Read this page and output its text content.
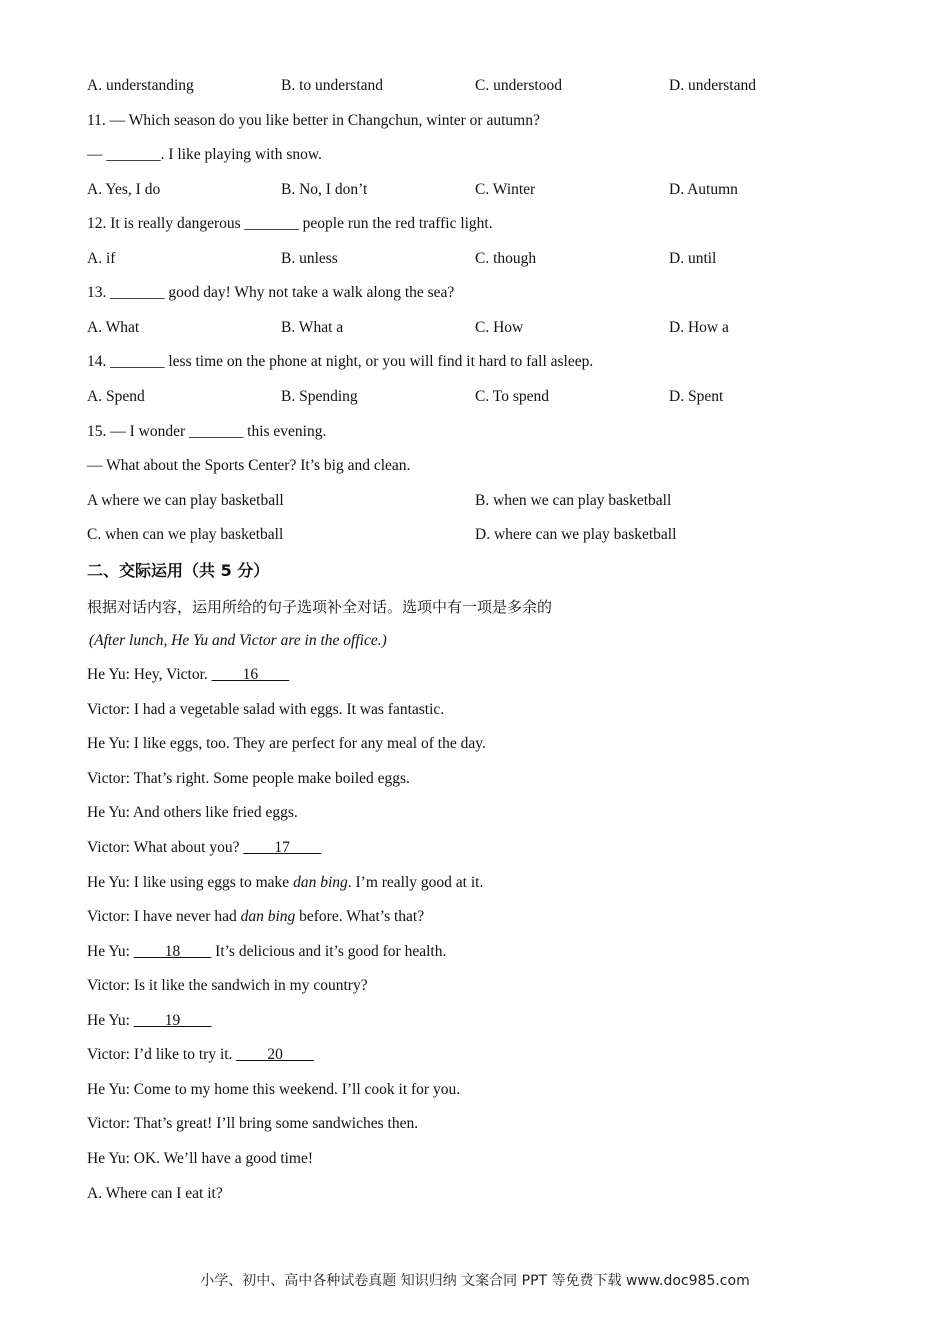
A. understanding	B. to understand	C. understood	D. understand
11. — Which season do you like better in Changchun, winter or autumn?
— _______. I like playing with snow.
A. Yes, I do	B. No, I don’t	C. Winter	D. Autumn
12. It is really dangerous _______ people run the red traffic light.
A. if	B. unless	C. though	D. until
13. _______ good day! Why not take a walk along the sea?
A. What	B. What a	C. How	D. How a
14. _______ less time on the phone at night, or you will find it hard to fall asleep.
A. Spend	B. Spending	C. To spend	D. Spent
15. — I wonder _______ this evening.
— What about the Sports Center? It’s big and clean.
A where we can play basketball	B. when we can play basketball
C. when can we play basketball	D. where can we play basketball
二、交际运用（共 5 分）
根据对话内容，运用所给的句子选项补全对话。选项中有一项是多余的
(After lunch, He Yu and Victor are in the office.)
He Yu: Hey, Victor. ____16____
Victor: I had a vegetable salad with eggs. It was fantastic.
He Yu: I like eggs, too. They are perfect for any meal of the day.
Victor: That’s right. Some people make boiled eggs.
He Yu: And others like fried eggs.
Victor: What about you? ____17____
He Yu: I like using eggs to make dan bing. I’m really good at it.
Victor: I have never had dan bing before. What’s that?
He Yu: ____18____ It’s delicious and it’s good for health.
Victor: Is it like the sandwich in my country?
He Yu: ____19____
Victor: I’d like to try it. ____20____
He Yu: Come to my home this weekend. I’ll cook it for you.
Victor: That’s great! I’ll bring some sandwiches then.
He Yu: OK. We’ll have a good time!
A. Where can I eat it?
小学、初中、高中各种试卷真题 知识归纳 文案合同 PPT 等免费下载 www.doc985.com
